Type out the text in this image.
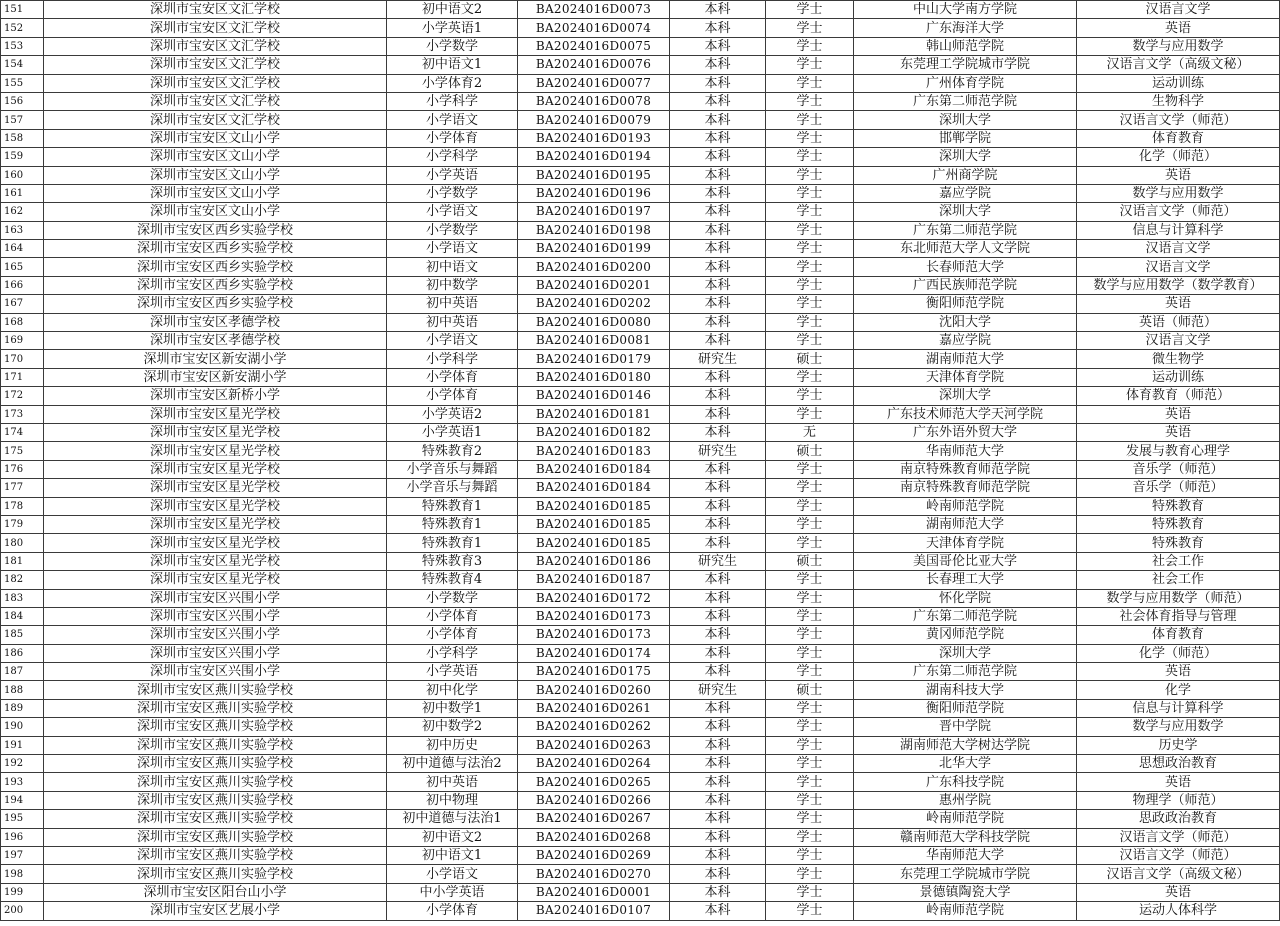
151	深圳市宝安区文汇学校	初中语文2	BA2024016D0073	本科	学士	中山大学南方学院	汉语言文学
152	深圳市宝安区文汇学校	小学英语1	BA2024016D0074	本科	学士	广东海洋大学	英语
153	深圳市宝安区文汇学校	小学数学	BA2024016D0075	本科	学士	韩山师范学院	数学与应用数学
154	深圳市宝安区文汇学校	初中语文1	BA2024016D0076	本科	学士	东莞理工学院城市学院	汉语言文学（高级文秘）
155	深圳市宝安区文汇学校	小学体育2	BA2024016D0077	本科	学士	广州体育学院	运动训练
156	深圳市宝安区文汇学校	小学科学	BA2024016D0078	本科	学士	广东第二师范学院	生物科学
157	深圳市宝安区文汇学校	小学语文	BA2024016D0079	本科	学士	深圳大学	汉语言文学（师范）
158	深圳市宝安区文山小学	小学体育	BA2024016D0193	本科	学士	邯郸学院	体育教育
159	深圳市宝安区文山小学	小学科学	BA2024016D0194	本科	学士	深圳大学	化学（师范）
160	深圳市宝安区文山小学	小学英语	BA2024016D0195	本科	学士	广州商学院	英语
161	深圳市宝安区文山小学	小学数学	BA2024016D0196	本科	学士	嘉应学院	数学与应用数学
162	深圳市宝安区文山小学	小学语文	BA2024016D0197	本科	学士	深圳大学	汉语言文学（师范）
163	深圳市宝安区西乡实验学校	小学数学	BA2024016D0198	本科	学士	广东第二师范学院	信息与计算科学
164	深圳市宝安区西乡实验学校	小学语文	BA2024016D0199	本科	学士	东北师范大学人文学院	汉语言文学
165	深圳市宝安区西乡实验学校	初中语文	BA2024016D0200	本科	学士	长春师范大学	汉语言文学
166	深圳市宝安区西乡实验学校	初中数学	BA2024016D0201	本科	学士	广西民族师范学院	数学与应用数学（数学教育）
167	深圳市宝安区西乡实验学校	初中英语	BA2024016D0202	本科	学士	衡阳师范学院	英语
168	深圳市宝安区孝德学校	初中英语	BA2024016D0080	本科	学士	沈阳大学	英语（师范）
169	深圳市宝安区孝德学校	小学语文	BA2024016D0081	本科	学士	嘉应学院	汉语言文学
170	深圳市宝安区新安湖小学	小学科学	BA2024016D0179	研究生	硕士	湖南师范大学	微生物学
171	深圳市宝安区新安湖小学	小学体育	BA2024016D0180	本科	学士	天津体育学院	运动训练
172	深圳市宝安区新桥小学	小学体育	BA2024016D0146	本科	学士	深圳大学	体育教育（师范）
173	深圳市宝安区星光学校	小学英语2	BA2024016D0181	本科	学士	广东技术师范大学天河学院	英语
174	深圳市宝安区星光学校	小学英语1	BA2024016D0182	本科	无	广东外语外贸大学	英语
175	深圳市宝安区星光学校	特殊教育2	BA2024016D0183	研究生	硕士	华南师范大学	发展与教育心理学
176	深圳市宝安区星光学校	小学音乐与舞蹈	BA2024016D0184	本科	学士	南京特殊教育师范学院	音乐学（师范）
177	深圳市宝安区星光学校	小学音乐与舞蹈	BA2024016D0184	本科	学士	南京特殊教育师范学院	音乐学（师范）
178	深圳市宝安区星光学校	特殊教育1	BA2024016D0185	本科	学士	岭南师范学院	特殊教育
179	深圳市宝安区星光学校	特殊教育1	BA2024016D0185	本科	学士	湖南师范大学	特殊教育
180	深圳市宝安区星光学校	特殊教育1	BA2024016D0185	本科	学士	天津体育学院	特殊教育
181	深圳市宝安区星光学校	特殊教育3	BA2024016D0186	研究生	硕士	美国哥伦比亚大学	社会工作
182	深圳市宝安区星光学校	特殊教育4	BA2024016D0187	本科	学士	长春理工大学	社会工作
183	深圳市宝安区兴围小学	小学数学	BA2024016D0172	本科	学士	怀化学院	数学与应用数学（师范）
184	深圳市宝安区兴围小学	小学体育	BA2024016D0173	本科	学士	广东第二师范学院	社会体育指导与管理
185	深圳市宝安区兴围小学	小学体育	BA2024016D0173	本科	学士	黄冈师范学院	体育教育
186	深圳市宝安区兴围小学	小学科学	BA2024016D0174	本科	学士	深圳大学	化学（师范）
187	深圳市宝安区兴围小学	小学英语	BA2024016D0175	本科	学士	广东第二师范学院	英语
188	深圳市宝安区燕川实验学校	初中化学	BA2024016D0260	研究生	硕士	湖南科技大学	化学
189	深圳市宝安区燕川实验学校	初中数学1	BA2024016D0261	本科	学士	衡阳师范学院	信息与计算科学
190	深圳市宝安区燕川实验学校	初中数学2	BA2024016D0262	本科	学士	晋中学院	数学与应用数学
191	深圳市宝安区燕川实验学校	初中历史	BA2024016D0263	本科	学士	湖南师范大学树达学院	历史学
192	深圳市宝安区燕川实验学校	初中道德与法治2	BA2024016D0264	本科	学士	北华大学	思想政治教育
193	深圳市宝安区燕川实验学校	初中英语	BA2024016D0265	本科	学士	广东科技学院	英语
194	深圳市宝安区燕川实验学校	初中物理	BA2024016D0266	本科	学士	惠州学院	物理学（师范）
195	深圳市宝安区燕川实验学校	初中道德与法治1	BA2024016D0267	本科	学士	岭南师范学院	思政政治教育
196	深圳市宝安区燕川实验学校	初中语文2	BA2024016D0268	本科	学士	赣南师范大学科技学院	汉语言文学（师范）
197	深圳市宝安区燕川实验学校	初中语文1	BA2024016D0269	本科	学士	华南师范大学	汉语言文学（师范）
198	深圳市宝安区燕川实验学校	小学语文	BA2024016D0270	本科	学士	东莞理工学院城市学院	汉语言文学（高级文秘）
199	深圳市宝安区阳台山小学	中小学英语	BA2024016D0001	本科	学士	景德镇陶瓷大学	英语
200	深圳市宝安区艺展小学	小学体育	BA2024016D0107	本科	学士	岭南师范学院	运动人体科学
